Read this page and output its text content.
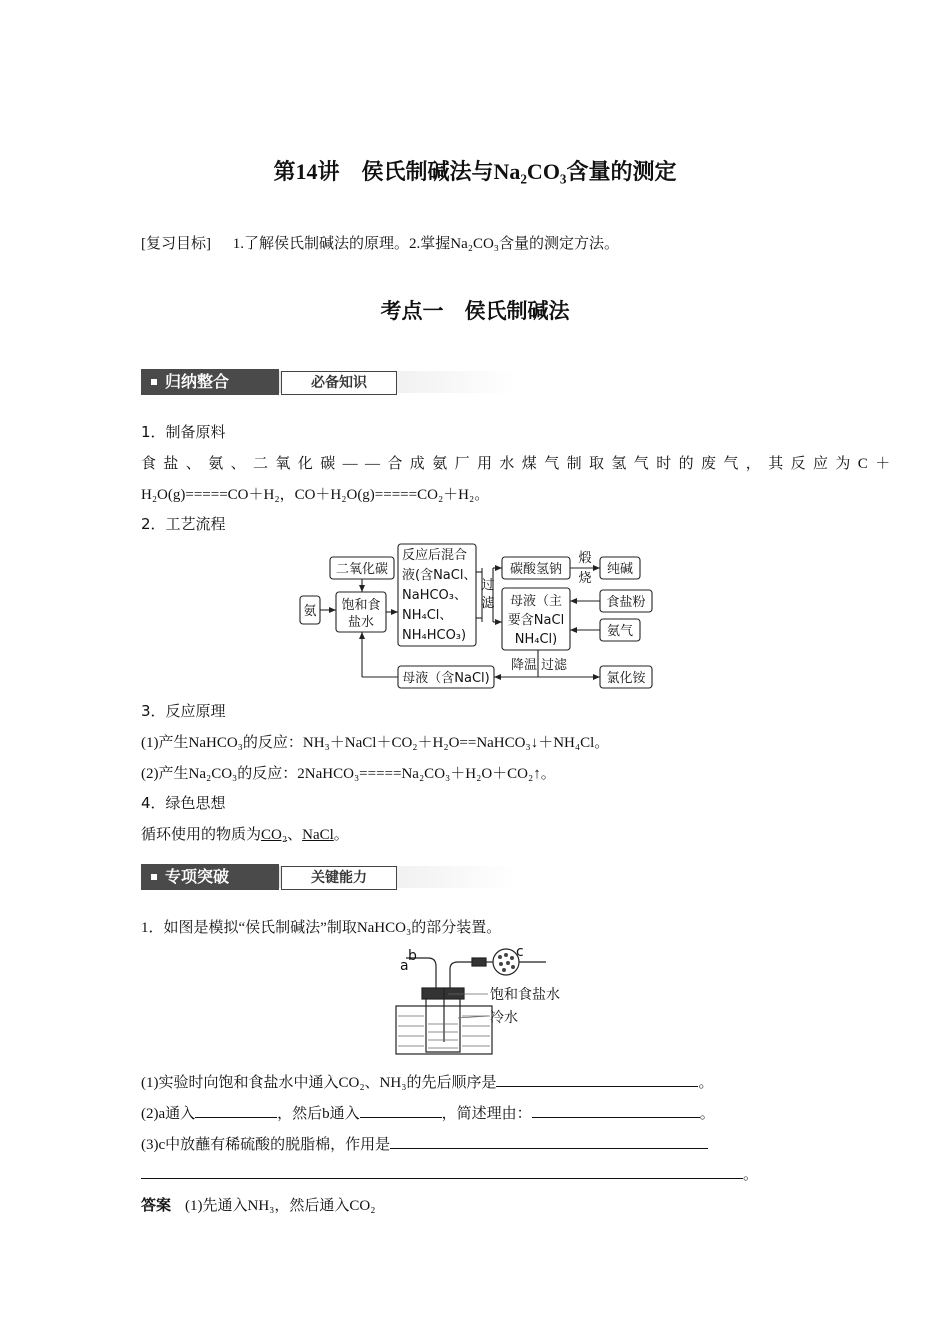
第14讲　侯氏制碱法与Na₂CO₃含量的测定
[复习目标] 1.了解侯氏制碱法的原理。2.掌握Na₂CO₃含量的测定方法。
考点一　侯氏制碱法
归纳整合	必备知识
1．制备原料
食盐、氨、二氧化碳——合成氨厂用水煤气制取氢气时的废气，其反应为C＋
H₂O(g)=====CO＋H₂，CO＋H₂O(g)=====CO₂＋H₂。
2．工艺流程
二氧化碳
氨 饱和食
盐水
反应后混合
液(含NaCl、
NaHCO₃、
NH₄Cl、
NH₄HCO₃)
过
滤
碳酸氢钠
煅
烧
纯碱
母液（主
要含NaCl
NH₄Cl)
食盐粉
氨气
降温 过滤
母液（含NaCl)	氯化铵
3．反应原理
(1)产生NaHCO₃的反应：NH₃＋NaCl＋CO₂＋H₂O==NaHCO₃↓＋NH₄Cl。
(2)产生Na₂CO₃的反应：2NaHCO₃=====Na₂CO₃＋H₂O＋CO₂↑。
4．绿色思想
循环使用的物质为CO₂、NaCl。
专项突破	关键能力
1．如图是模拟“侯氏制碱法”制取NaHCO₃的部分装置。
a
b	c
饱和食盐水
冷水
(1)实验时向饱和食盐水中通入CO₂、NH₃的先后顺序是	。
(2)a通入	，然后b通入	，简述理由：	。
(3)c中放蘸有稀硫酸的脱脂棉，作用是
。
答案 (1)先通入NH₃，然后通入CO₂
